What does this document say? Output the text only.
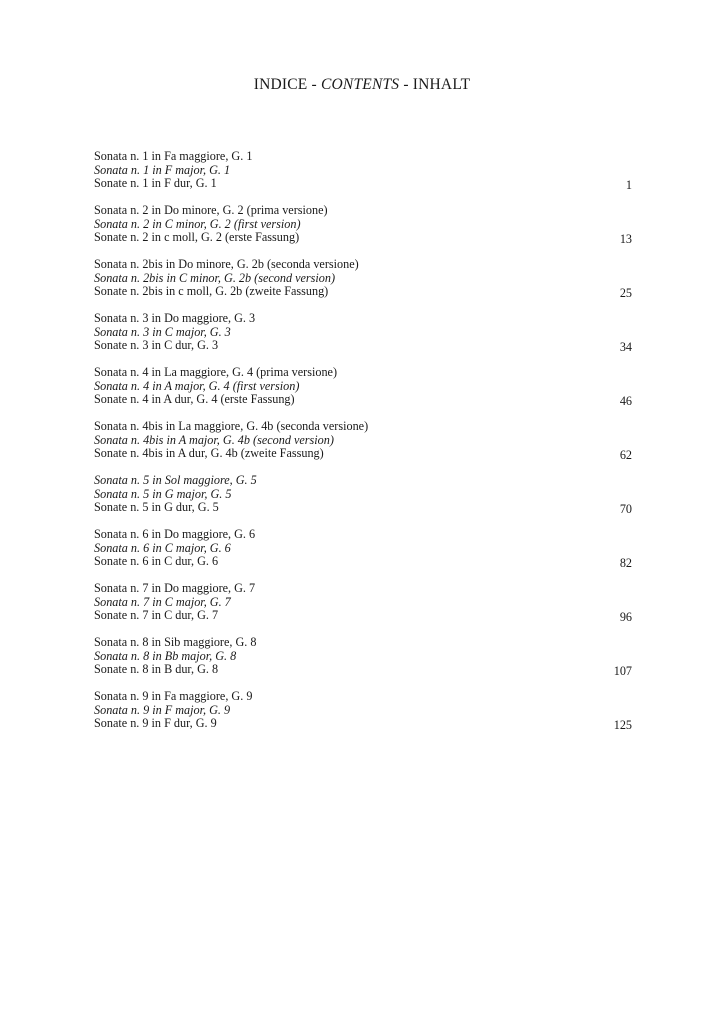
INDICE - CONTENTS - INHALT
Sonata n. 1 in Fa maggiore, G. 1
Sonata n. 1 in F major, G. 1
Sonate n. 1 in F dur, G. 1	1
Sonata n. 2 in Do minore, G. 2 (prima versione)
Sonata n. 2 in C minor, G. 2 (first version)
Sonate n. 2 in c moll, G. 2 (erste Fassung)	13
Sonata n. 2bis in Do minore, G. 2b (seconda versione)
Sonata n. 2bis in C minor, G. 2b (second version)
Sonate n. 2bis in c moll, G. 2b (zweite Fassung)	25
Sonata n. 3 in Do maggiore, G. 3
Sonata n. 3 in C major, G. 3
Sonate n. 3 in C dur, G. 3	34
Sonata n. 4 in La maggiore, G. 4 (prima versione)
Sonata n. 4 in A major, G. 4 (first version)
Sonate n. 4 in A dur, G. 4 (erste Fassung)	46
Sonata n. 4bis in La maggiore, G. 4b (seconda versione)
Sonata n. 4bis in A major, G. 4b (second version)
Sonate n. 4bis in A dur, G. 4b (zweite Fassung)	62
Sonata n. 5 in Sol maggiore, G. 5
Sonata n. 5 in G major, G. 5
Sonate n. 5 in G dur, G. 5	70
Sonata n. 6 in Do maggiore, G. 6
Sonata n. 6 in C major, G. 6
Sonate n. 6 in C dur, G. 6	82
Sonata n. 7 in Do maggiore, G. 7
Sonata n. 7 in C major, G. 7
Sonate n. 7 in C dur, G. 7	96
Sonata n. 8 in Sib maggiore, G. 8
Sonata n. 8 in Bb major, G. 8
Sonate n. 8 in B dur, G. 8	107
Sonata n. 9 in Fa maggiore, G. 9
Sonata n. 9 in F major, G. 9
Sonate n. 9 in F dur, G. 9	125
